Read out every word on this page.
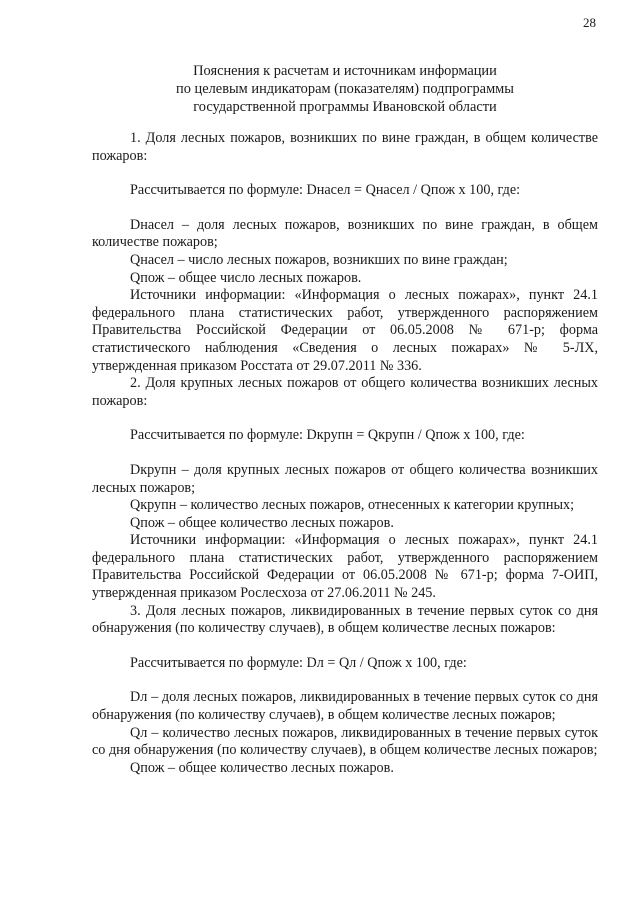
28
Пояснения к расчетам и источникам информации
по целевым индикаторам (показателям) подпрограммы
государственной программы Ивановской области

1. Доля лесных пожаров, возникших по вине граждан, в общем количестве пожаров:

Рассчитывается по формуле: Dнасел = Qнасел / Qпож х 100, где:

Dнасел – доля лесных пожаров, возникших по вине граждан, в общем количестве пожаров;

Qнасел – число лесных пожаров, возникших по вине граждан;

Qпож – общее число лесных пожаров.

Источники информации: «Информация о лесных пожарах», пункт 24.1 федерального плана статистических работ, утвержденного распоряжением Правительства Российской Федерации от 06.05.2008 № 671-р; форма статистического наблюдения «Сведения о лесных пожарах» № 5-ЛХ, утвержденная приказом Росстата от 29.07.2011 № 336.

2. Доля крупных лесных пожаров от общего количества возникших лесных пожаров:

Рассчитывается по формуле: Dкрупн = Qкрупн / Qпож х 100, где:

Dкрупн – доля крупных лесных пожаров от общего количества возникших лесных пожаров;

Qкрупн – количество лесных пожаров, отнесенных к категории крупных;

Qпож – общее количество лесных пожаров.

Источники информации: «Информация о лесных пожарах», пункт 24.1 федерального плана статистических работ, утвержденного распоряжением Правительства Российской Федерации от 06.05.2008 № 671-р; форма 7-ОИП, утвержденная приказом Рослесхоза от 27.06.2011 № 245.

3. Доля лесных пожаров, ликвидированных в течение первых суток со дня обнаружения (по количеству случаев), в общем количестве лесных пожаров:

Рассчитывается по формуле: Dл = Qл / Qпож х 100, где:

Dл – доля лесных пожаров, ликвидированных в течение первых суток со дня обнаружения (по количеству случаев), в общем количестве лесных пожаров;

Qл – количество лесных пожаров, ликвидированных в течение первых суток со дня обнаружения (по количеству случаев), в общем количестве лесных пожаров;

Qпож – общее количество лесных пожаров.
